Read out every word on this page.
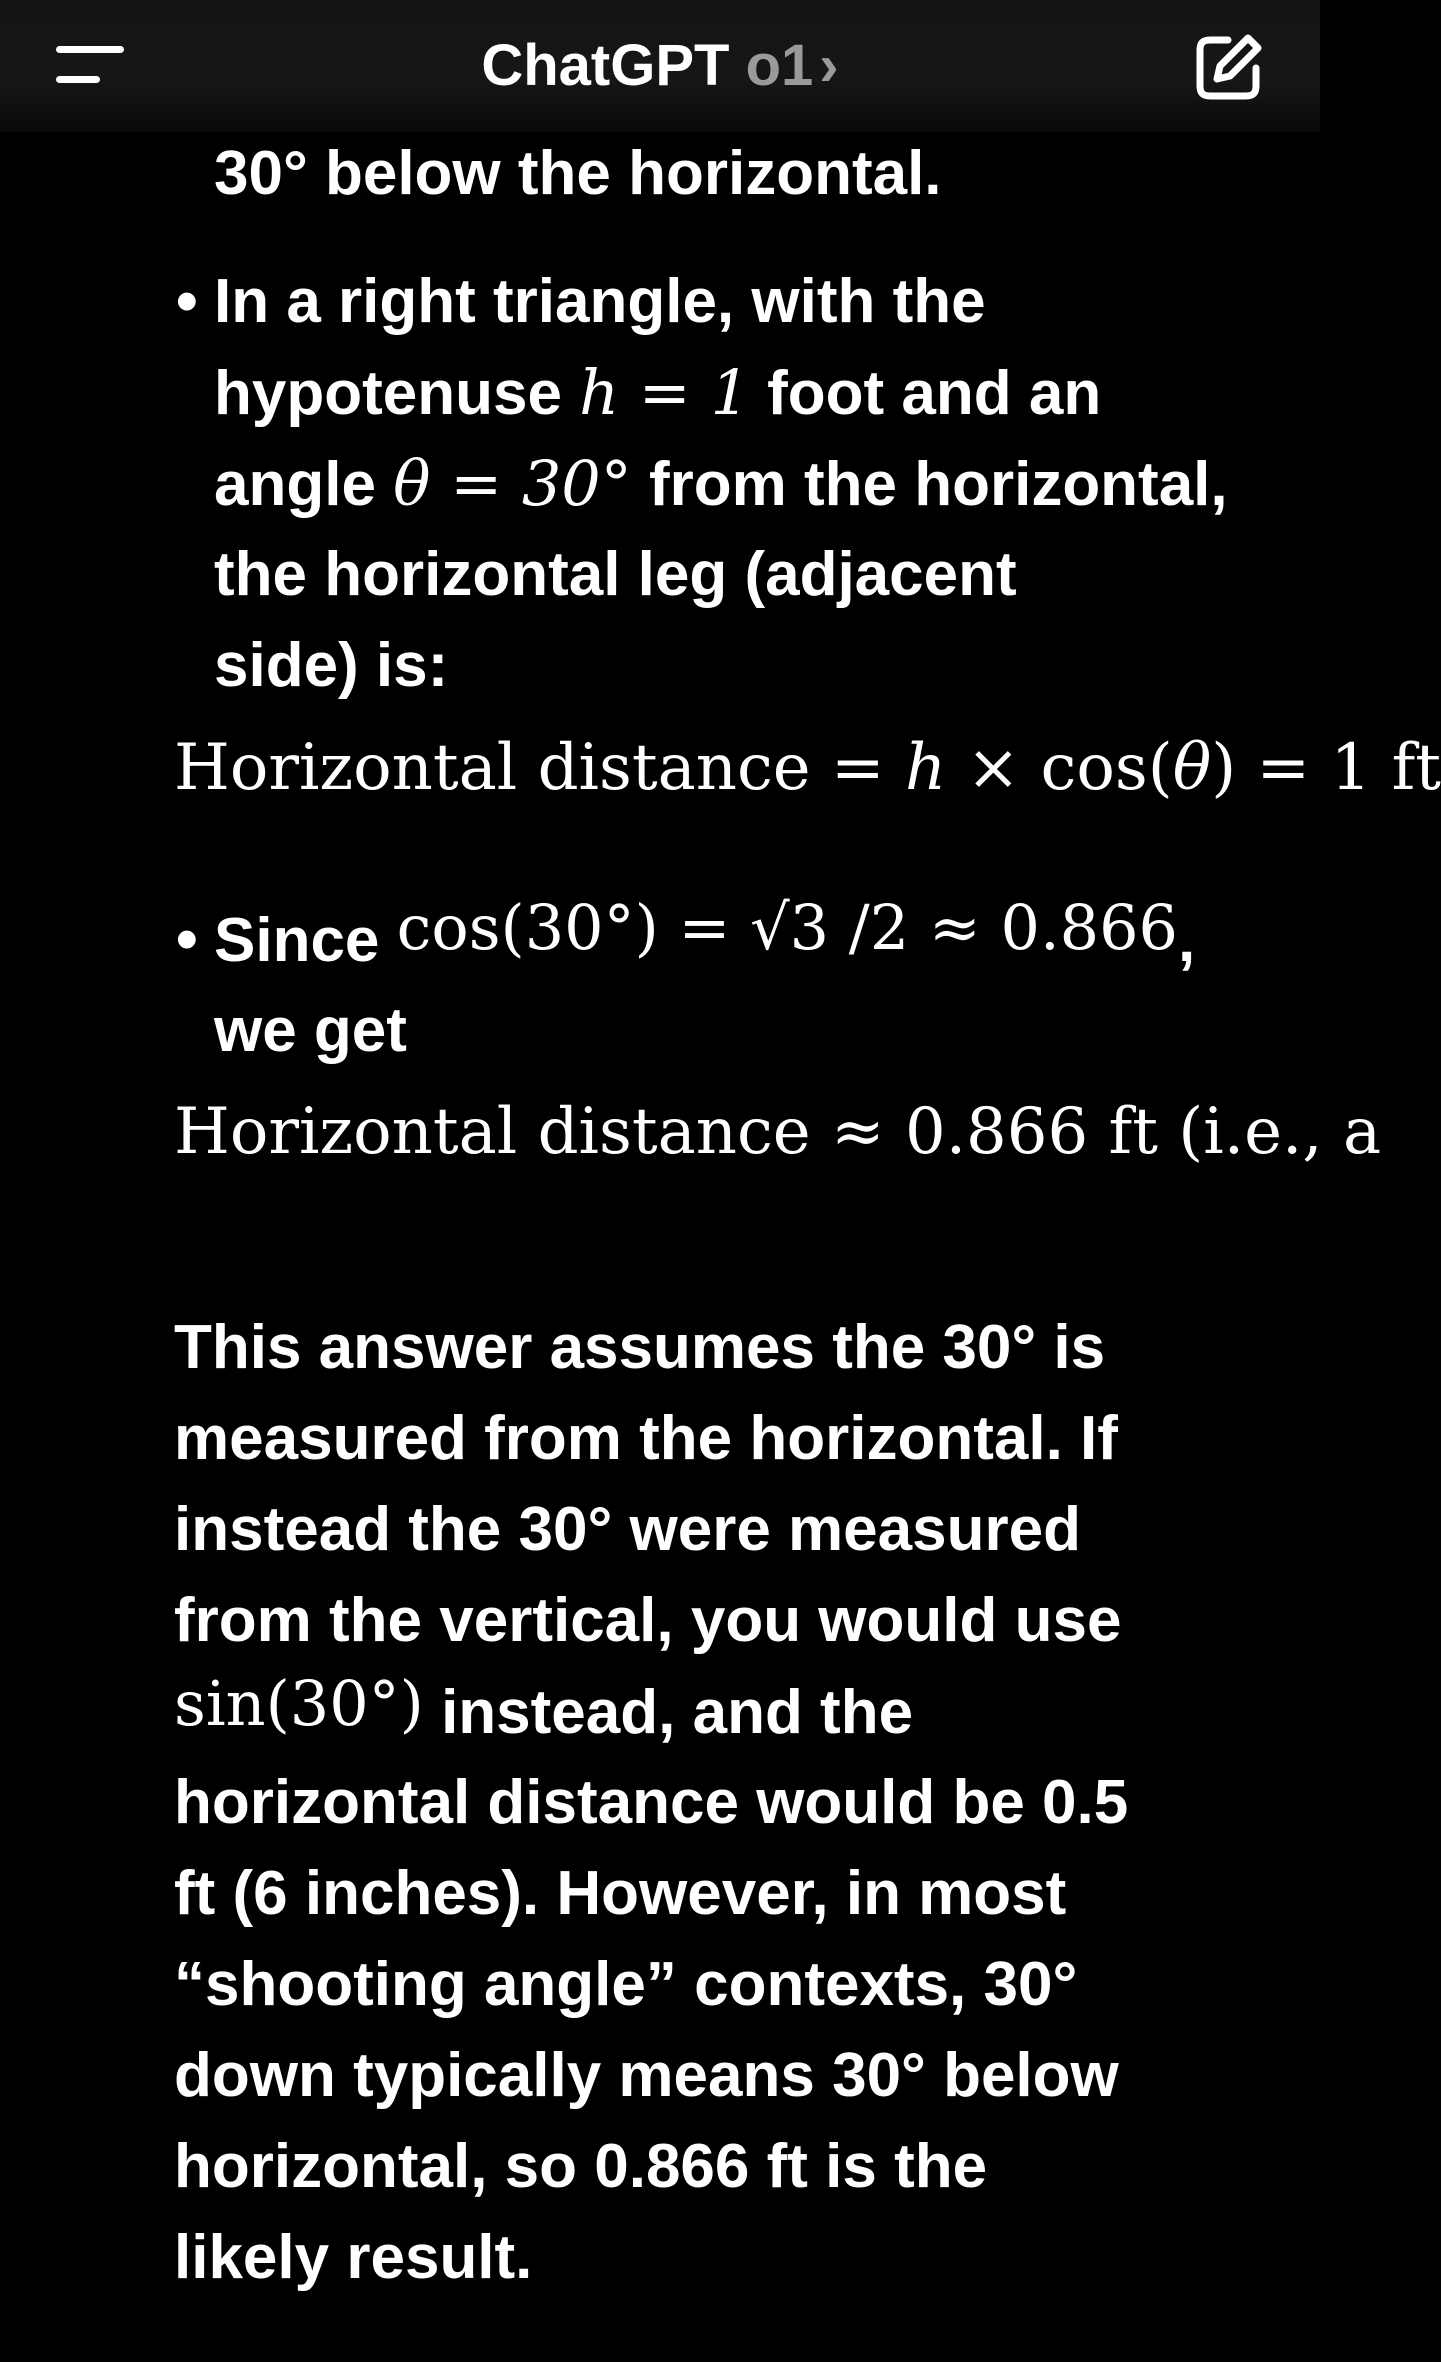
30° below the horizontal.

• In a right triangle, with the

hypotenuse h = 1 foot and an

angle θ = 30° from the horizontal,

the horizontal leg (adjacent

side) is:

Horizontal distance = h × cos(θ) = 1 ft

• Since cos(30°) = √3 /2 ≈ 0.866,

we get

Horizontal distance ≈ 0.866 ft (i.e., a

This answer assumes the 30° is

measured from the horizontal. If

instead the 30° were measured

from the vertical, you would use

sin(30°) instead, and the

horizontal distance would be 0.5

ft (6 inches). However, in most

“shooting angle” contexts, 30°

down typically means 30° below

horizontal, so 0.866 ft is the

likely result.

ChatGPT o1 ›
